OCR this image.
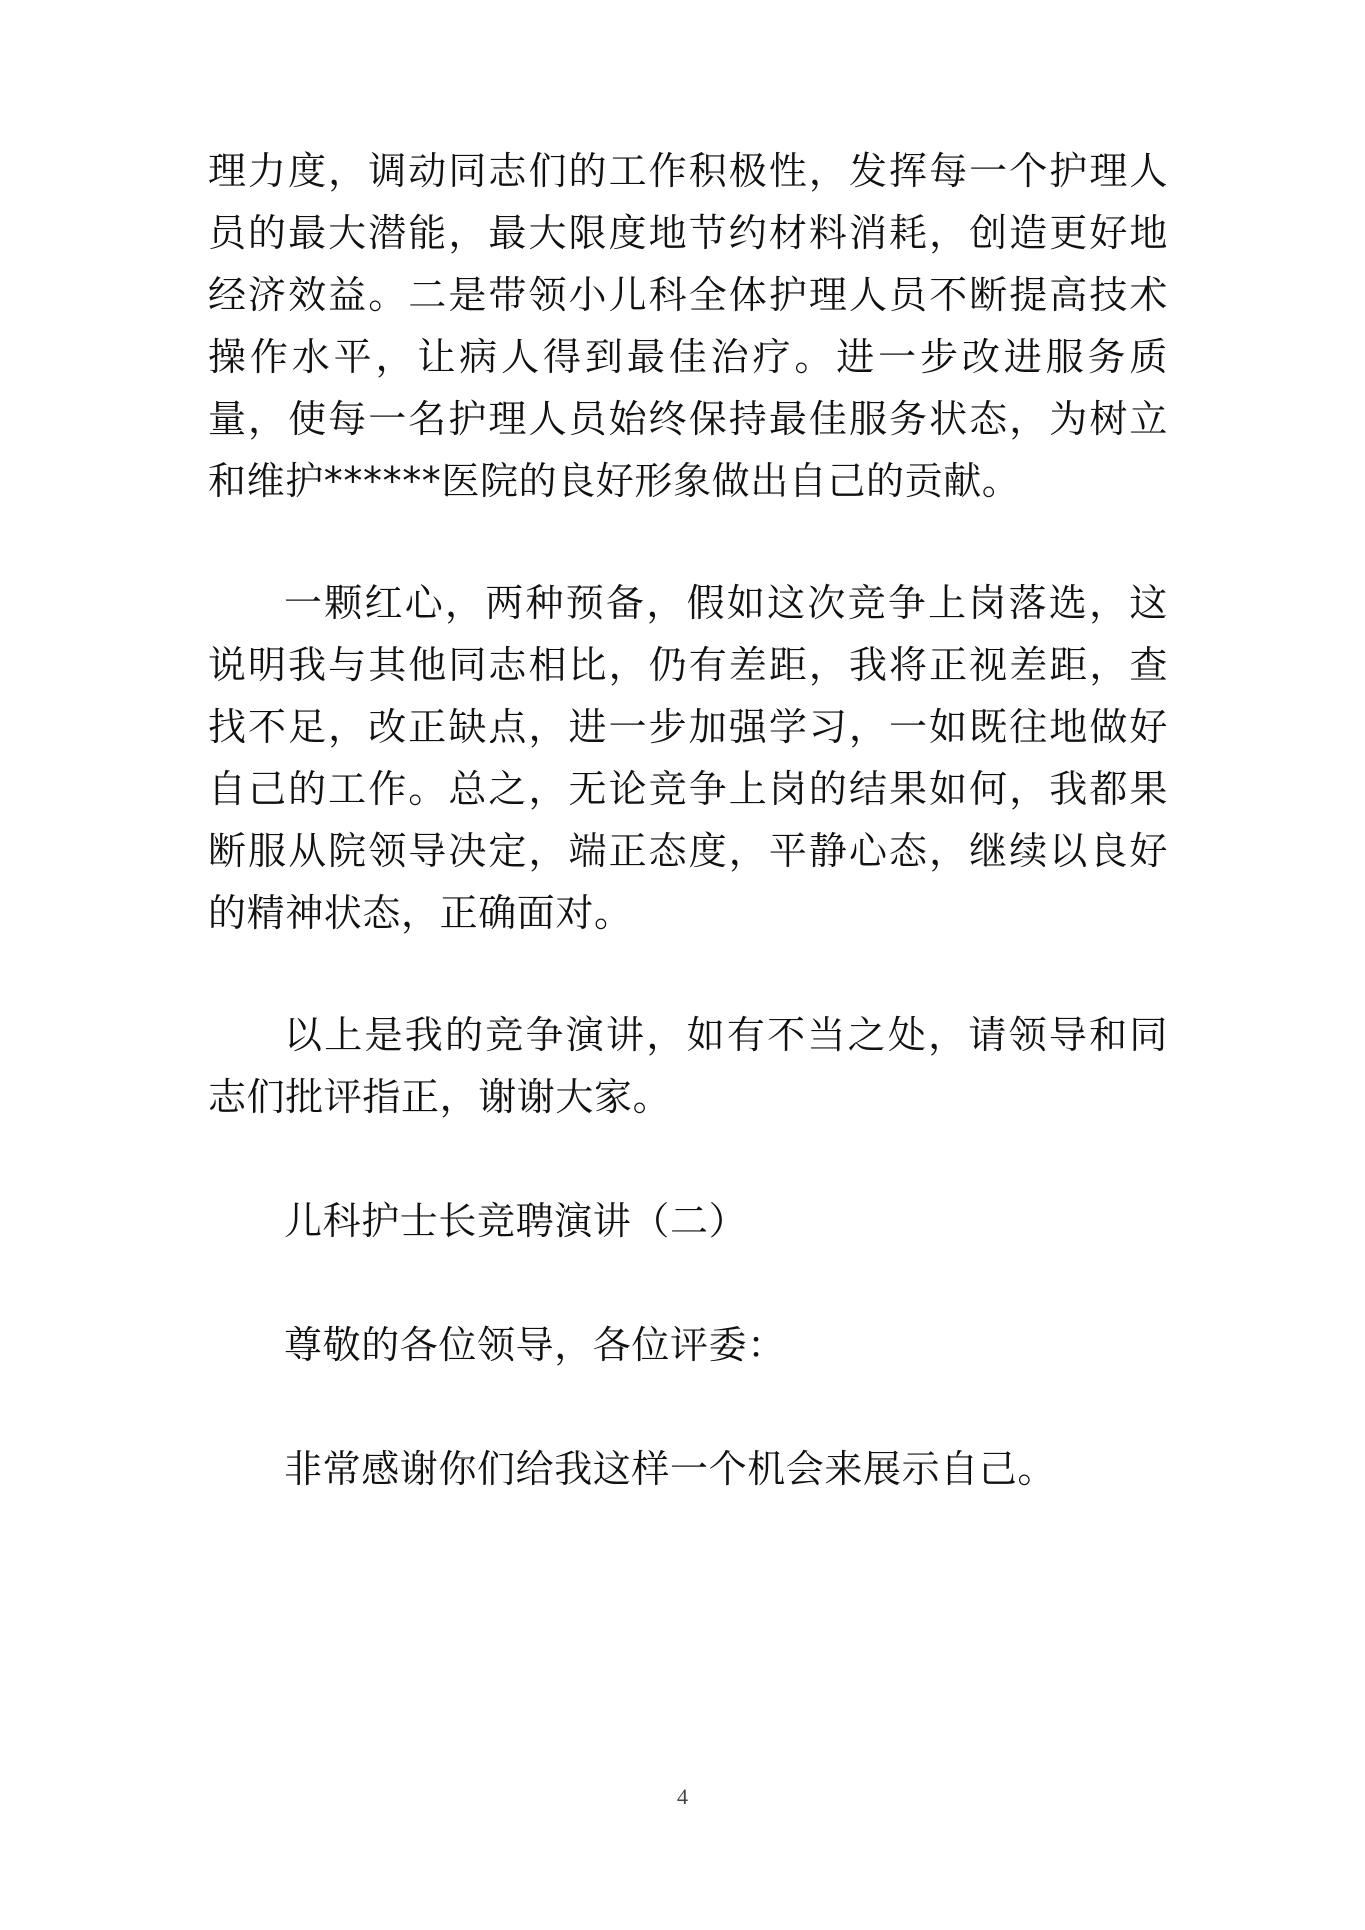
理力度，调动同志们的工作积极性，发挥每一个护理人员的最大潜能，最大限度地节约材料消耗，创造更好地经济效益。二是带领小儿科全体护理人员不断提高技术操作水平，让病人得到最佳治疗。进一步改进服务质量，使每一名护理人员始终保持最佳服务状态，为树立和维护******医院的良好形象做出自己的贡献。

一颗红心，两种预备，假如这次竞争上岗落选，这说明我与其他同志相比，仍有差距，我将正视差距，查找不足，改正缺点，进一步加强学习，一如既往地做好自己的工作。总之，无论竞争上岗的结果如何，我都果断服从院领导决定，端正态度，平静心态，继续以良好的精神状态，正确面对。

以上是我的竞争演讲，如有不当之处，请领导和同志们批评指正，谢谢大家。

儿科护士长竞聘演讲（二）

尊敬的各位领导，各位评委：

非常感谢你们给我这样一个机会来展示自己。

4
